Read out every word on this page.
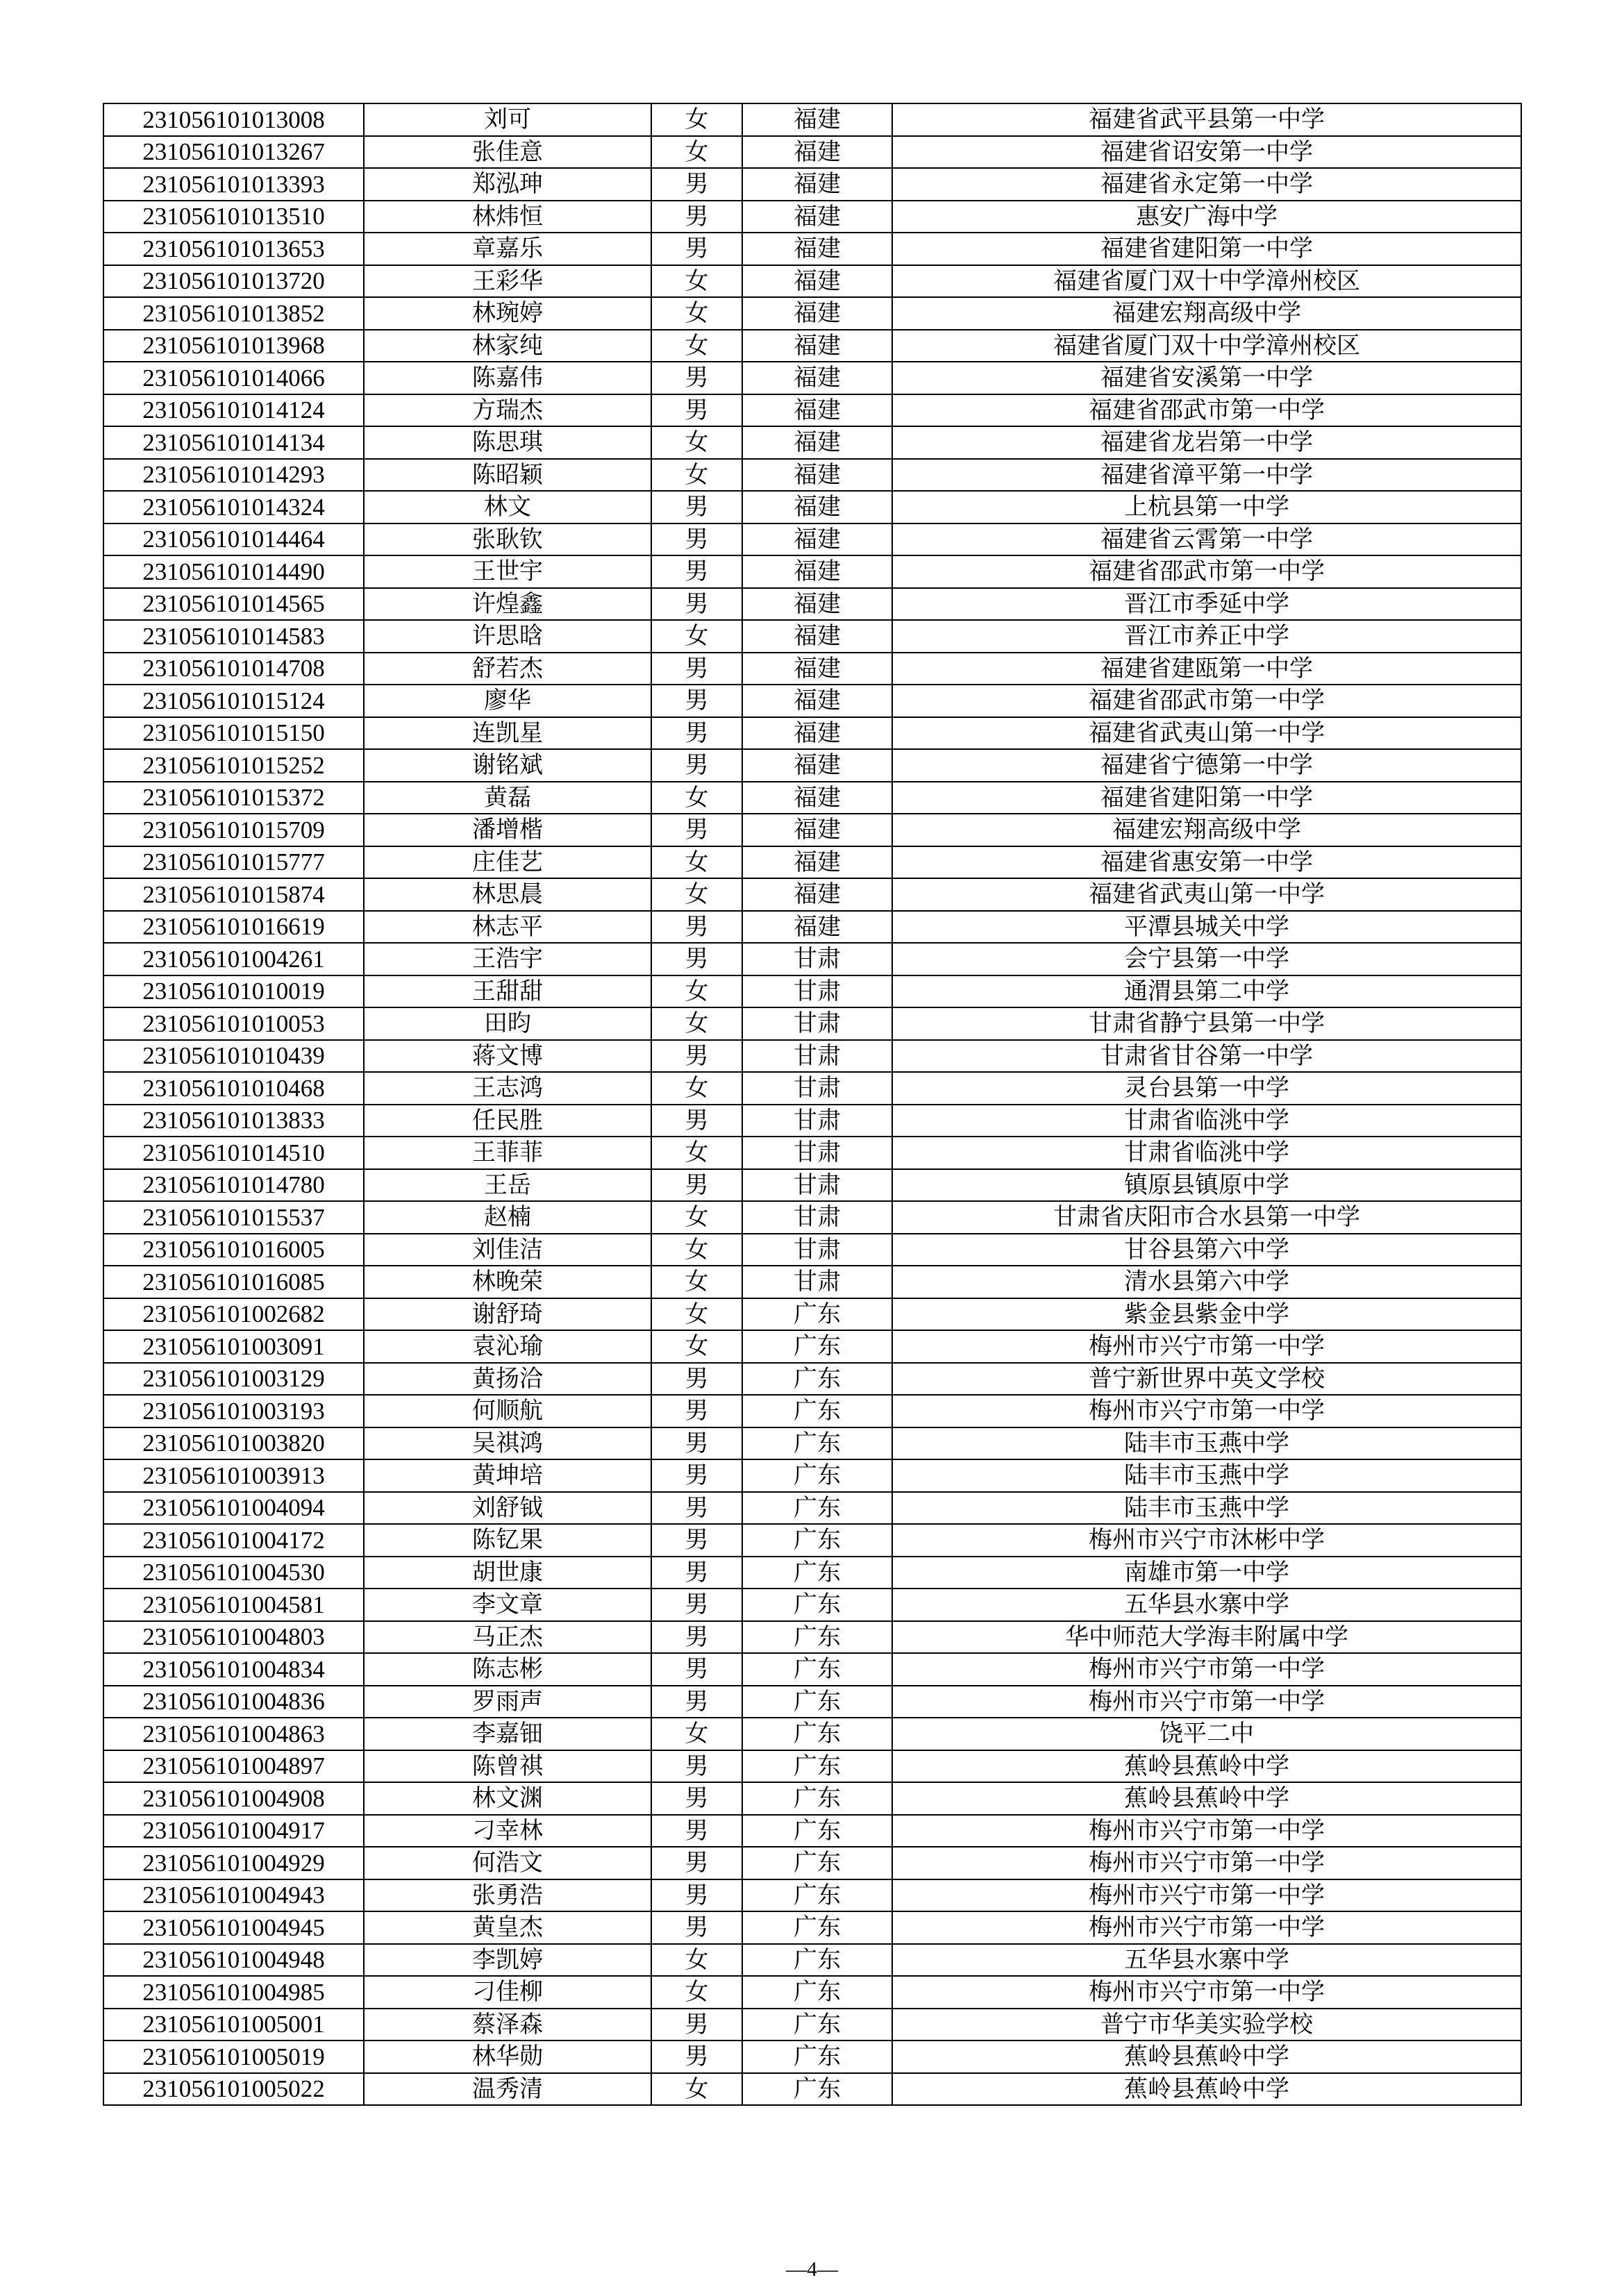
231056101013008	刘可	女	福建	福建省武平县第一中学
231056101013267	张佳意	女	福建	福建省诏安第一中学
231056101013393	郑泓珅	男	福建	福建省永定第一中学
231056101013510	林炜恒	男	福建	惠安广海中学
231056101013653	章嘉乐	男	福建	福建省建阳第一中学
231056101013720	王彩华	女	福建	福建省厦门双十中学漳州校区
231056101013852	林琬婷	女	福建	福建宏翔高级中学
231056101013968	林家纯	女	福建	福建省厦门双十中学漳州校区
231056101014066	陈嘉伟	男	福建	福建省安溪第一中学
231056101014124	方瑞杰	男	福建	福建省邵武市第一中学
231056101014134	陈思琪	女	福建	福建省龙岩第一中学
231056101014293	陈昭颖	女	福建	福建省漳平第一中学
231056101014324	林文	男	福建	上杭县第一中学
231056101014464	张耿钦	男	福建	福建省云霄第一中学
231056101014490	王世宇	男	福建	福建省邵武市第一中学
231056101014565	许煌鑫	男	福建	晋江市季延中学
231056101014583	许思晗	女	福建	晋江市养正中学
231056101014708	舒若杰	男	福建	福建省建瓯第一中学
231056101015124	廖华	男	福建	福建省邵武市第一中学
231056101015150	连凯星	男	福建	福建省武夷山第一中学
231056101015252	谢铭斌	男	福建	福建省宁德第一中学
231056101015372	黄磊	女	福建	福建省建阳第一中学
231056101015709	潘增楷	男	福建	福建宏翔高级中学
231056101015777	庄佳艺	女	福建	福建省惠安第一中学
231056101015874	林思晨	女	福建	福建省武夷山第一中学
231056101016619	林志平	男	福建	平潭县城关中学
231056101004261	王浩宇	男	甘肃	会宁县第一中学
231056101010019	王甜甜	女	甘肃	通渭县第二中学
231056101010053	田昀	女	甘肃	甘肃省静宁县第一中学
231056101010439	蒋文博	男	甘肃	甘肃省甘谷第一中学
231056101010468	王志鸿	女	甘肃	灵台县第一中学
231056101013833	任民胜	男	甘肃	甘肃省临洮中学
231056101014510	王菲菲	女	甘肃	甘肃省临洮中学
231056101014780	王岳	男	甘肃	镇原县镇原中学
231056101015537	赵楠	女	甘肃	甘肃省庆阳市合水县第一中学
231056101016005	刘佳洁	女	甘肃	甘谷县第六中学
231056101016085	林晚荣	女	甘肃	清水县第六中学
231056101002682	谢舒琦	女	广东	紫金县紫金中学
231056101003091	袁沁瑜	女	广东	梅州市兴宁市第一中学
231056101003129	黄扬洽	男	广东	普宁新世界中英文学校
231056101003193	何顺航	男	广东	梅州市兴宁市第一中学
231056101003820	吴祺鸿	男	广东	陆丰市玉燕中学
231056101003913	黄坤培	男	广东	陆丰市玉燕中学
231056101004094	刘舒钺	男	广东	陆丰市玉燕中学
231056101004172	陈钇果	男	广东	梅州市兴宁市沐彬中学
231056101004530	胡世康	男	广东	南雄市第一中学
231056101004581	李文章	男	广东	五华县水寨中学
231056101004803	马正杰	男	广东	华中师范大学海丰附属中学
231056101004834	陈志彬	男	广东	梅州市兴宁市第一中学
231056101004836	罗雨声	男	广东	梅州市兴宁市第一中学
231056101004863	李嘉钿	女	广东	饶平二中
231056101004897	陈曾祺	男	广东	蕉岭县蕉岭中学
231056101004908	林文渊	男	广东	蕉岭县蕉岭中学
231056101004917	刁幸林	男	广东	梅州市兴宁市第一中学
231056101004929	何浩文	男	广东	梅州市兴宁市第一中学
231056101004943	张勇浩	男	广东	梅州市兴宁市第一中学
231056101004945	黄皇杰	男	广东	梅州市兴宁市第一中学
231056101004948	李凯婷	女	广东	五华县水寨中学
231056101004985	刁佳柳	女	广东	梅州市兴宁市第一中学
231056101005001	蔡泽森	男	广东	普宁市华美实验学校
231056101005019	林华勋	男	广东	蕉岭县蕉岭中学
231056101005022	温秀清	女	广东	蕉岭县蕉岭中学
—4—
